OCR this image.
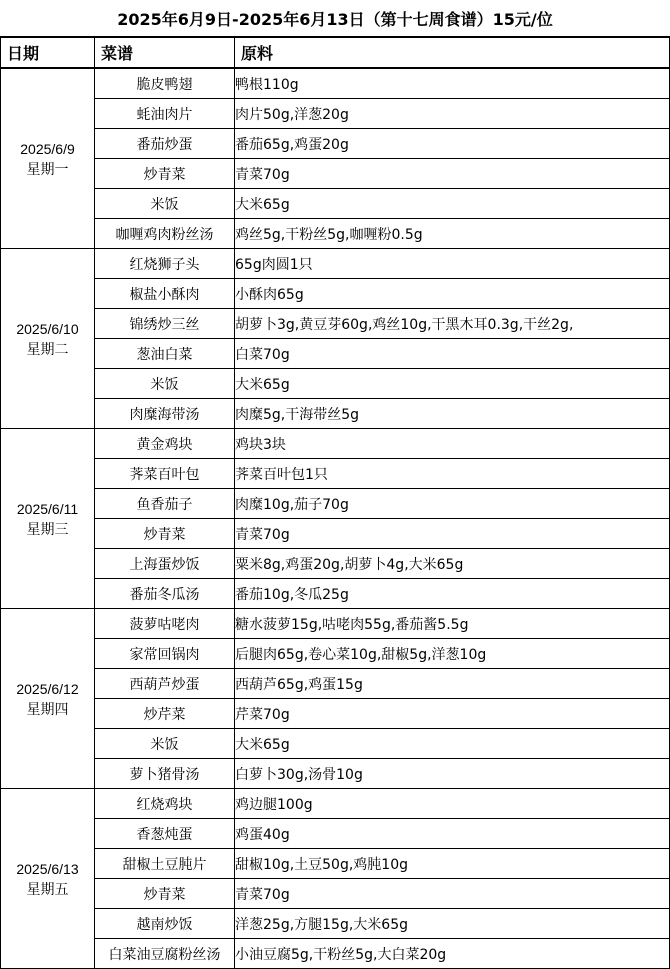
2025年6月9日-2025年6月13日（第十七周食谱）15元/位
日期	菜谱	原料

2025/6/9
星期一	脆皮鸭翅	鸭根110g
	蚝油肉片	肉片50g,洋葱20g
	番茄炒蛋	番茄65g,鸡蛋20g
	炒青菜	青菜70g
	米饭	大米65g
	咖喱鸡肉粉丝汤	鸡丝5g,干粉丝5g,咖喱粉0.5g

2025/6/10
星期二	红烧狮子头	65g肉圆1只
	椒盐小酥肉	小酥肉65g
	锦绣炒三丝	胡萝卜3g,黄豆芽60g,鸡丝10g,干黑木耳0.3g,干丝2g,
	葱油白菜	白菜70g
	米饭	大米65g
	肉糜海带汤	肉糜5g,干海带丝5g

2025/6/11
星期三	黄金鸡块	鸡块3块
	荠菜百叶包	荠菜百叶包1只
	鱼香茄子	肉糜10g,茄子70g
	炒青菜	青菜70g
	上海蛋炒饭	粟米8g,鸡蛋20g,胡萝卜4g,大米65g
	番茄冬瓜汤	番茄10g,冬瓜25g

2025/6/12
星期四	菠萝咕咾肉	糖水菠萝15g,咕咾肉55g,番茄酱5.5g
	家常回锅肉	后腿肉65g,卷心菜10g,甜椒5g,洋葱10g
	西葫芦炒蛋	西葫芦65g,鸡蛋15g
	炒芹菜	芹菜70g
	米饭	大米65g
	萝卜猪骨汤	白萝卜30g,汤骨10g

2025/6/13
星期五	红烧鸡块	鸡边腿100g
	香葱炖蛋	鸡蛋40g
	甜椒土豆肫片	甜椒10g,土豆50g,鸡肫10g
	炒青菜	青菜70g
	越南炒饭	洋葱25g,方腿15g,大米65g
	白菜油豆腐粉丝汤	小油豆腐5g,干粉丝5g,大白菜20g
